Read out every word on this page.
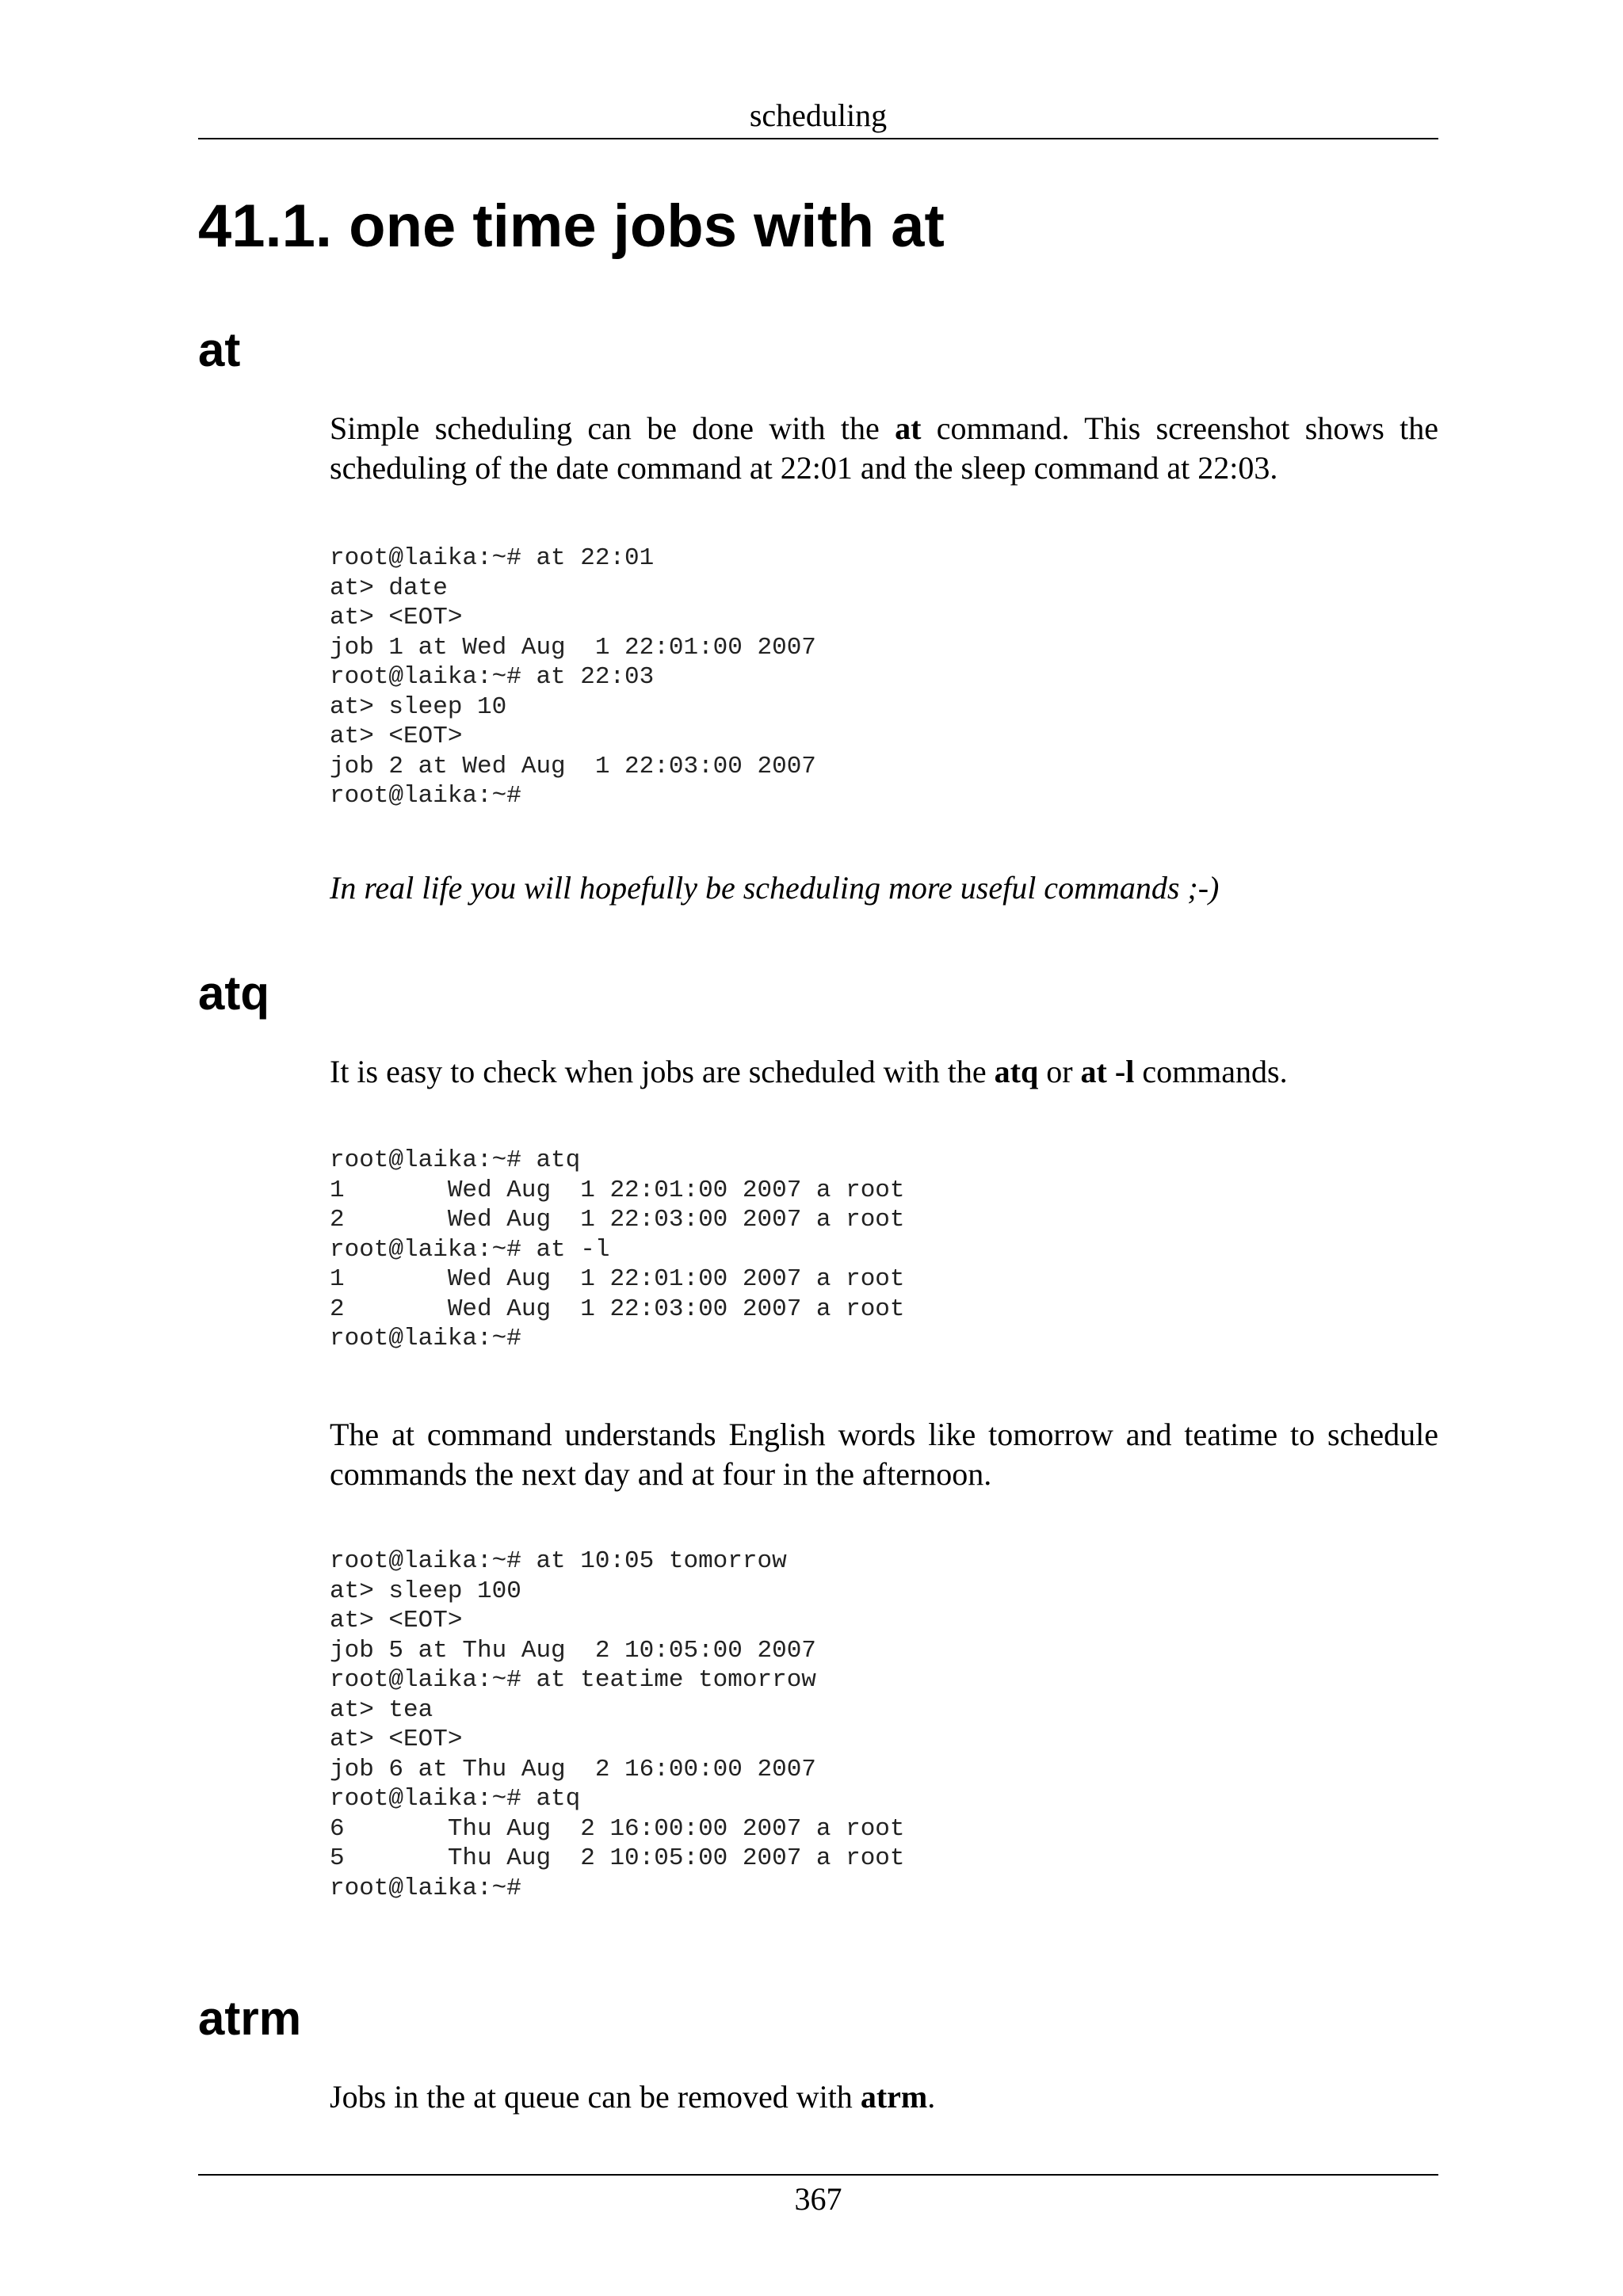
scheduling
41.1. one time jobs with at
at

Simple scheduling can be done with the at command. This screenshot shows the scheduling of the date command at 22:01 and the sleep command at 22:03.

root@laika:~# at 22:01
at> date
at> <EOT>
job 1 at Wed Aug  1 22:01:00 2007
root@laika:~# at 22:03
at> sleep 10
at> <EOT>
job 2 at Wed Aug  1 22:03:00 2007
root@laika:~#

In real life you will hopefully be scheduling more useful commands ;-)

atq

It is easy to check when jobs are scheduled with the atq or at -l commands.

root@laika:~# atq
1       Wed Aug  1 22:01:00 2007 a root
2       Wed Aug  1 22:03:00 2007 a root
root@laika:~# at -l
1       Wed Aug  1 22:01:00 2007 a root
2       Wed Aug  1 22:03:00 2007 a root
root@laika:~#

The at command understands English words like tomorrow and teatime to schedule commands the next day and at four in the afternoon.

root@laika:~# at 10:05 tomorrow
at> sleep 100
at> <EOT>
job 5 at Thu Aug  2 10:05:00 2007
root@laika:~# at teatime tomorrow
at> tea
at> <EOT>
job 6 at Thu Aug  2 16:00:00 2007
root@laika:~# atq
6       Thu Aug  2 16:00:00 2007 a root
5       Thu Aug  2 10:05:00 2007 a root
root@laika:~#
atrm

Jobs in the at queue can be removed with atrm.

367
